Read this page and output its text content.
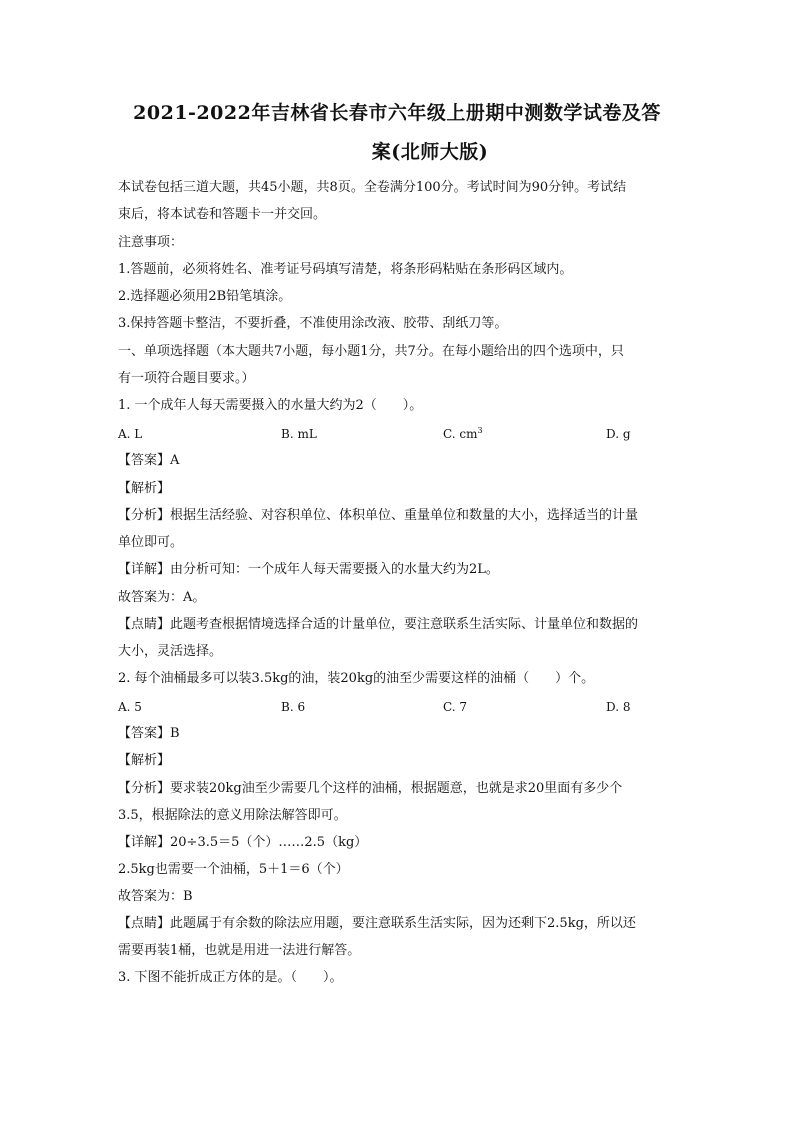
2021-2022年吉林省长春市六年级上册期中测数学试卷及答
案(北师大版)
本试卷包括三道大题，共45小题，共8页。全卷满分100分。考试时间为90分钟。考试结
束后，将本试卷和答题卡一并交回。
注意事项：
1.答题前，必须将姓名、准考证号码填写清楚，将条形码粘贴在条形码区域内。
2.选择题必须用2B铅笔填涂。
3.保持答题卡整洁，不要折叠，不准使用涂改液、胶带、刮纸刀等。
一、单项选择题（本大题共7小题，每小题1分，共7分。在每小题给出的四个选项中，只
有一项符合题目要求。）
1. 一个成年人每天需要摄入的水量大约为2（　　）。
A. L	B. mL	C. $cm^3$	D. g
【答案】A
【解析】
【分析】根据生活经验、对容积单位、体积单位、重量单位和数量的大小，选择适当的计量
单位即可。
【详解】由分析可知：一个成年人每天需要摄入的水量大约为2L。
故答案为：A。
【点睛】此题考查根据情境选择合适的计量单位，要注意联系生活实际、计量单位和数据的
大小，灵活选择。
2. 每个油桶最多可以装3.5kg的油，装20kg的油至少需要这样的油桶（　　）个。
A. 5	B. 6	C. 7	D. 8
【答案】B
【解析】
【分析】要求装20kg油至少需要几个这样的油桶，根据题意，也就是求20里面有多少个
3.5，根据除法的意义用除法解答即可。
【详解】20÷3.5＝5（个）……2.5（kg）
2.5kg也需要一个油桶，5＋1＝6（个）
故答案为：B
【点睛】此题属于有余数的除法应用题，要注意联系生活实际，因为还剩下2.5kg，所以还
需要再装1桶，也就是用进一法进行解答。
3. 下图不能折成正方体的是。（　　）。
